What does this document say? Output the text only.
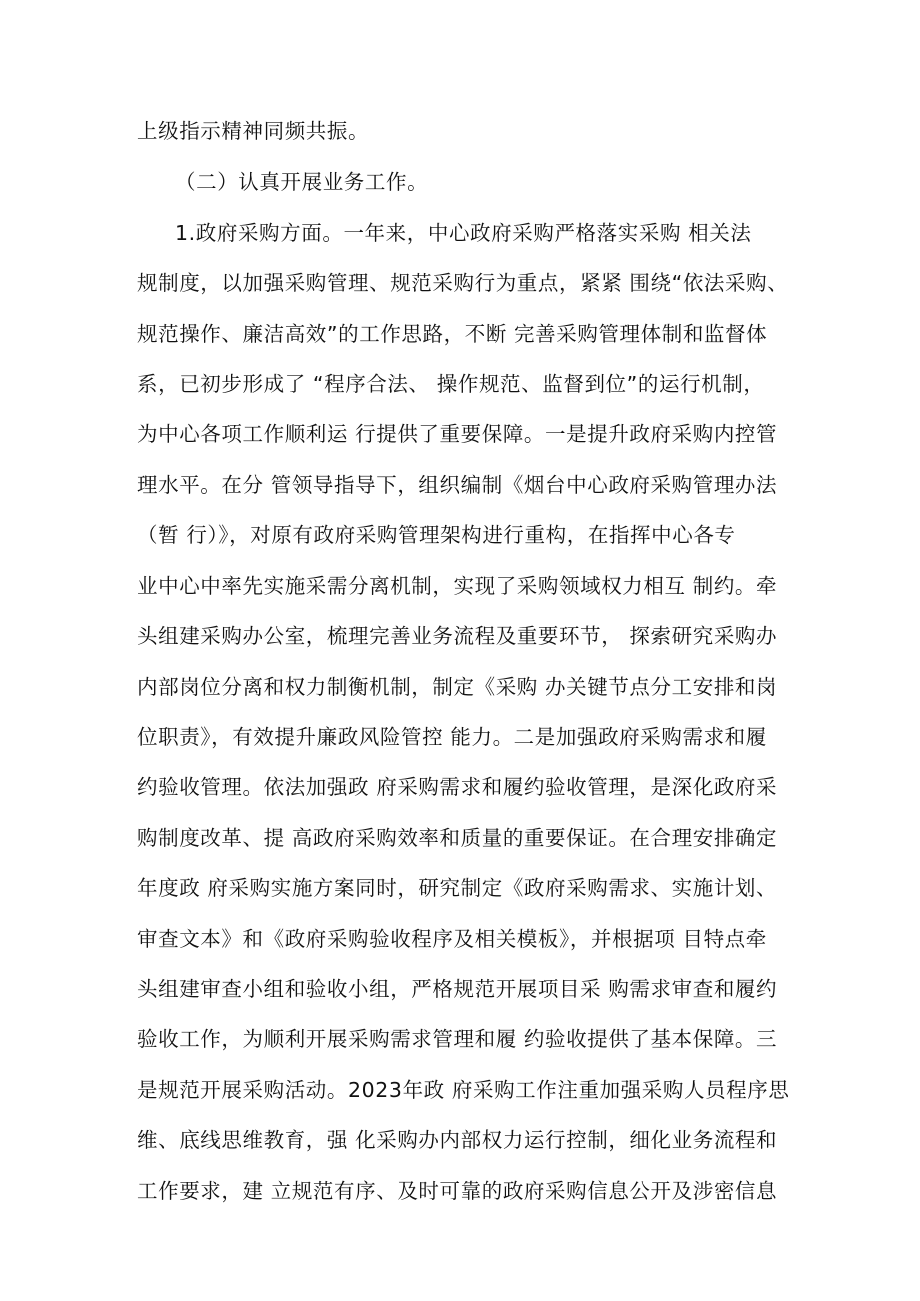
上级指示精神同频共振。
（二）认真开展业务工作。
1.政府采购方面。一年来，中心政府采购严格落实采购 相关法
规制度，以加强采购管理、规范采购行为重点，紧紧 围绕“依法采购、
规范操作、廉洁高效”的工作思路，不断 完善采购管理体制和监督体
系，已初步形成了 “程序合法、 操作规范、监督到位”的运行机制，
为中心各项工作顺利运 行提供了重要保障。一是提升政府采购内控管
理水平。在分 管领导指导下，组织编制《烟台中心政府采购管理办法
（暂 行）》，对原有政府采购管理架构进行重构，在指挥中心各专
业中心中率先实施采需分离机制，实现了采购领域权力相互 制约。牵
头组建采购办公室，梳理完善业务流程及重要环节， 探索研究采购办
内部岗位分离和权力制衡机制，制定《采购 办关键节点分工安排和岗
位职责》，有效提升廉政风险管控 能力。二是加强政府采购需求和履
约验收管理。依法加强政 府采购需求和履约验收管理，是深化政府采
购制度改革、提 高政府采购效率和质量的重要保证。在合理安排确定
年度政 府采购实施方案同时，研究制定《政府采购需求、实施计划、
审查文本》和《政府采购验收程序及相关模板》，并根据项 目特点牵
头组建审查小组和验收小组，严格规范开展项目采 购需求审查和履约
验收工作，为顺利开展采购需求管理和履 约验收提供了基本保障。三
是规范开展采购活动。2023年政 府采购工作注重加强采购人员程序思
维、底线思维教育，强 化采购办内部权力运行控制，细化业务流程和
工作要求，建 立规范有序、及时可靠的政府采购信息公开及涉密信息
